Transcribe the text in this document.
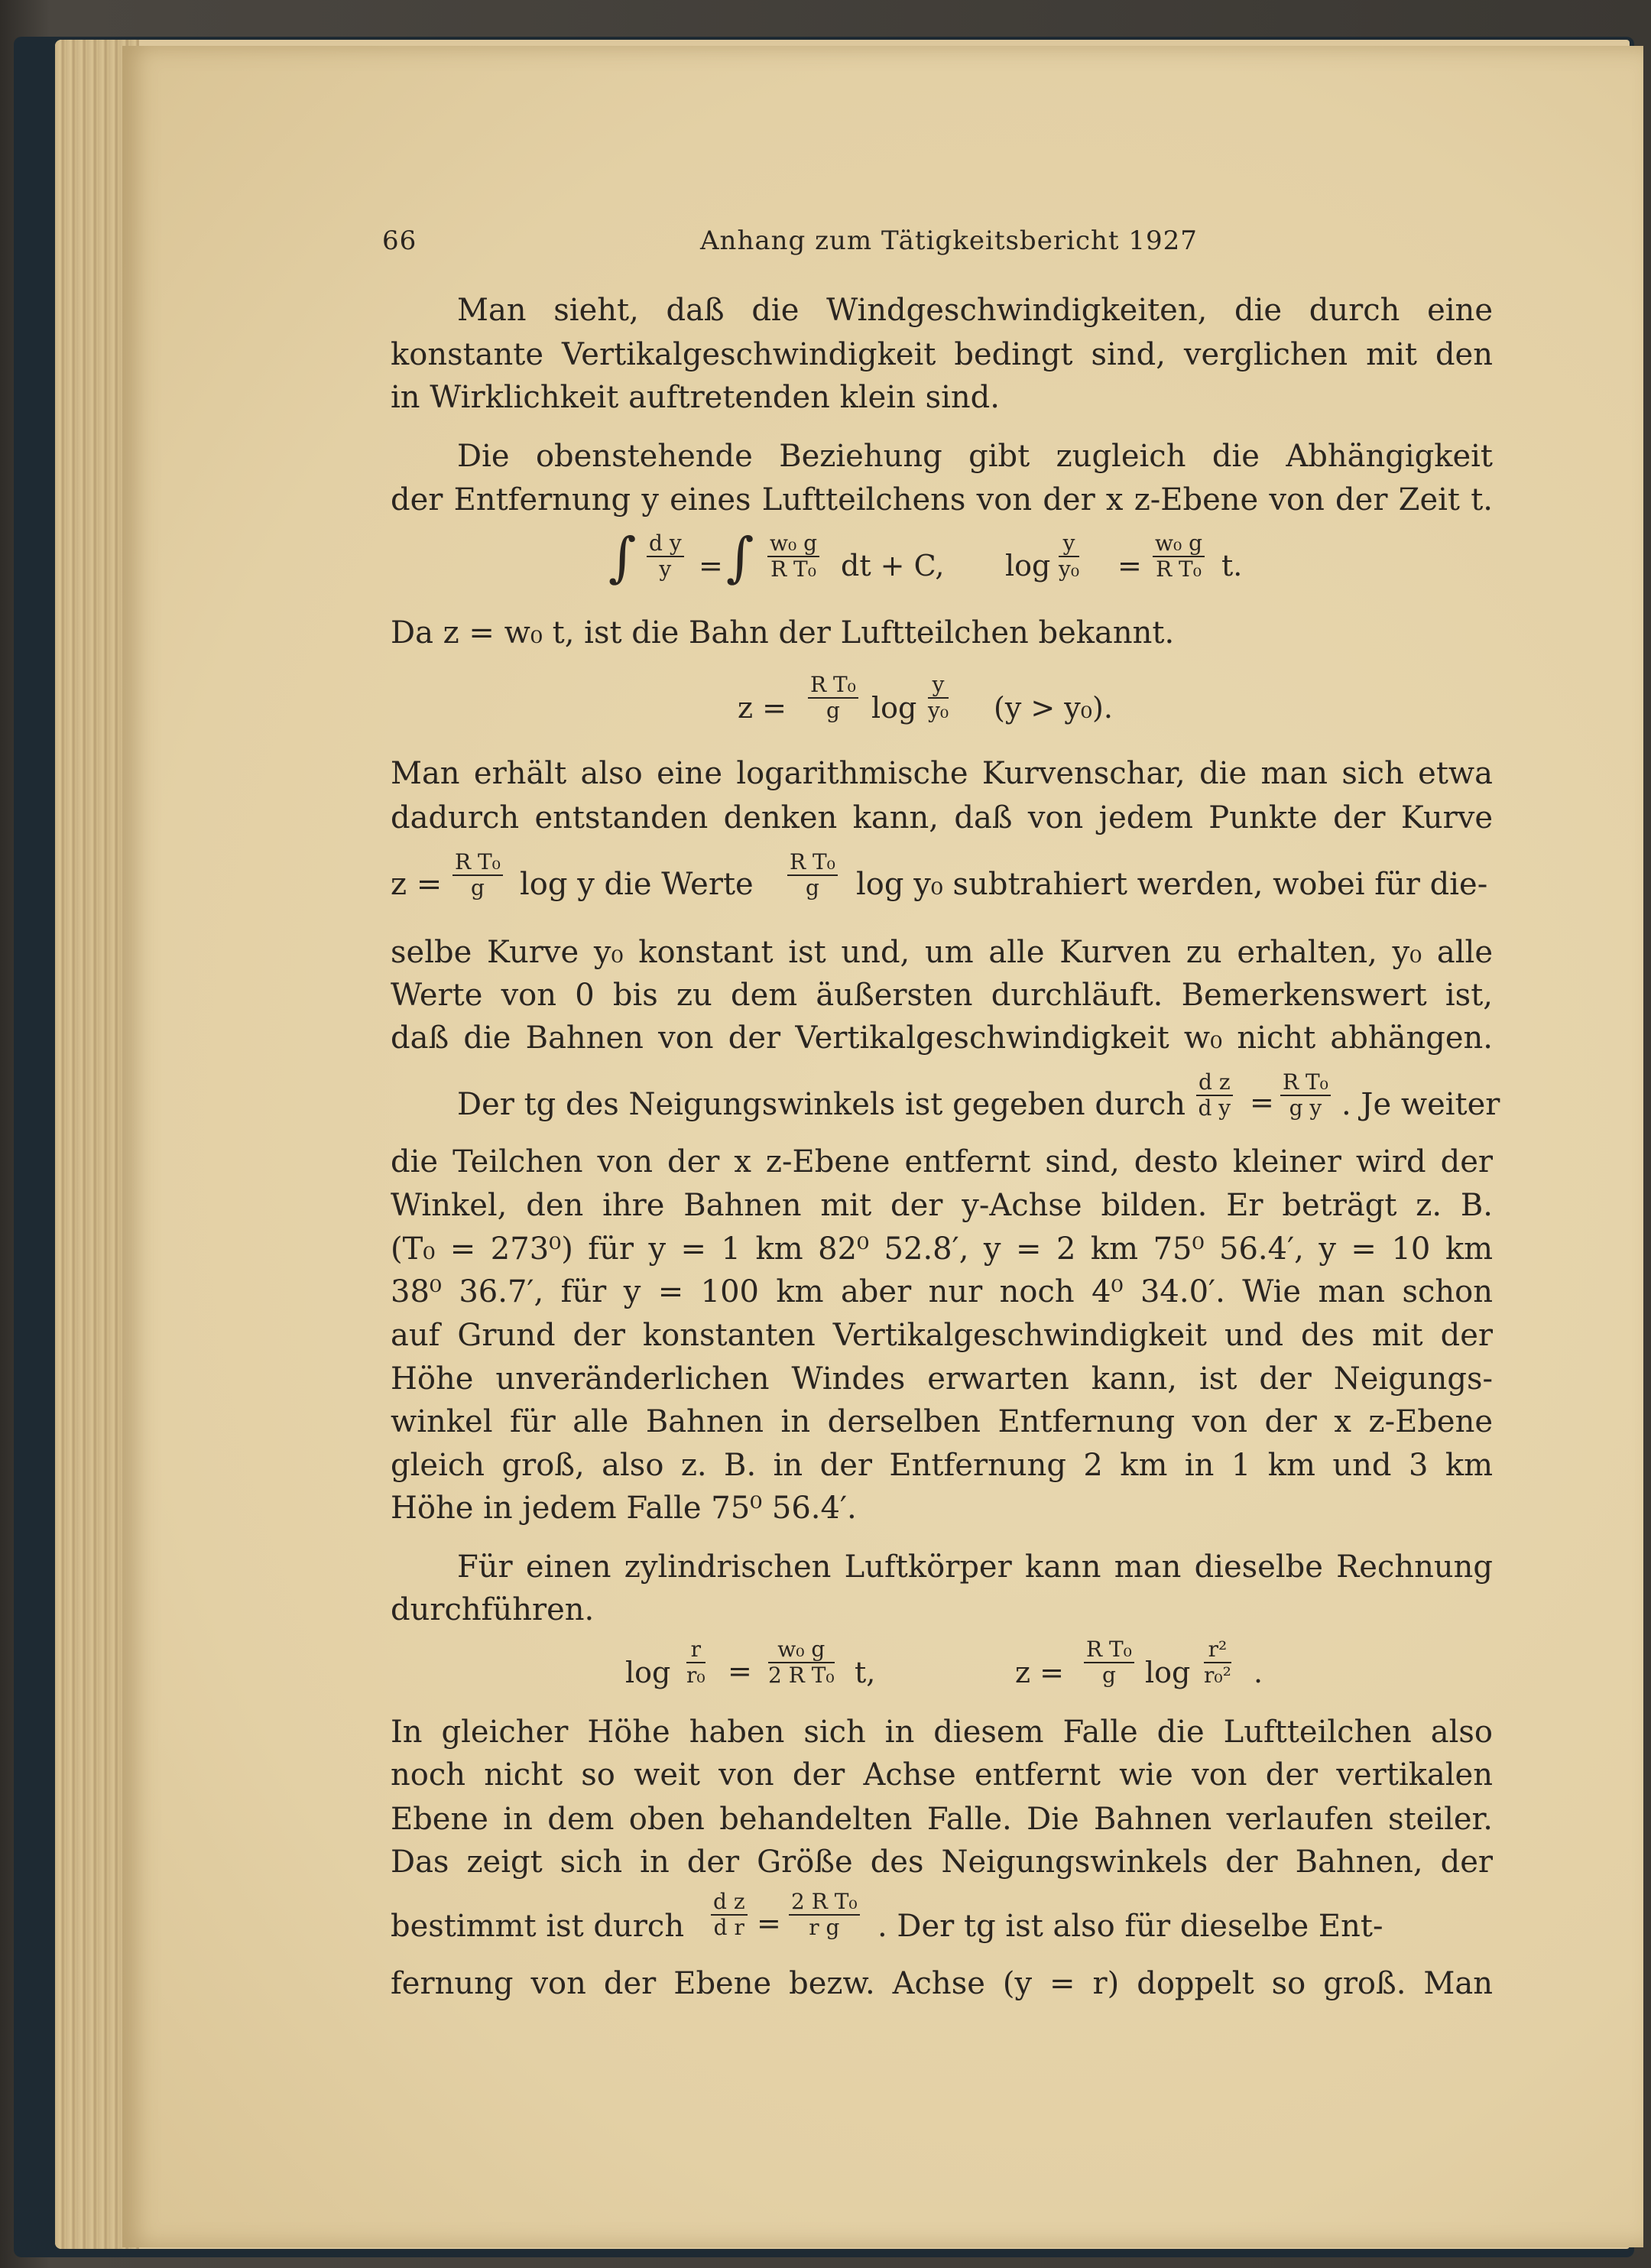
66	Anhang zum Tätigkeitsbericht 1927
Man sieht, daß die Windgeschwindigkeiten, die durch eine
konstante Vertikalgeschwindigkeit bedingt sind, verglichen mit den
in Wirklichkeit auftretenden klein sind.
Die obenstehende Beziehung gibt zugleich die Abhängigkeit
der Entfernung y eines Luftteilchens von der x z-Ebene von der Zeit t.
∫ $\frac{\text{d y}}{y}$ = ∫ $\frac{\text{w₀ g}}{\text{R T₀}}$ dt + C, $\log \frac{y}{\text{y₀}} = \frac{\text{w₀ g}}{\text{R T₀}} t$.
Da z = w₀ t, ist die Bahn der Luftteilchen bekannt.
$z = \frac{\text{R T₀}}{g}$ $\log \frac{y}{\text{y₀}} (y > y_0)$.
Man erhält also eine logarithmische Kurvenschar, die man sich etwa
dadurch entstanden denken kann, daß von jedem Punkte der Kurve
$z = \frac{\text{R T₀}}{g}$ log y die Werte $\frac{\text{R T₀}}{g}$ log y₀ subtrahiert werden, wobei für die-
selbe Kurve y₀ konstant ist und, um alle Kurven zu erhalten, y₀ alle
Werte von 0 bis zu dem äußersten durchläuft. Bemerkenswert ist,
daß die Bahnen von der Vertikalgeschwindigkeit w₀ nicht abhängen.
Der tg des Neigungswinkels ist gegeben durch $\frac{\text{d z}}{\text{d y}} = \frac{\text{R T₀}}{\text{g y}}$ . Je weiter
die Teilchen von der x z-Ebene entfernt sind, desto kleiner wird der
Winkel, den ihre Bahnen mit der y-Achse bilden. Er beträgt z. B.
(T₀ = 273⁰) für y = 1 km 82⁰ 52.8′, y = 2 km 75⁰ 56.4′, y = 10 km
38⁰ 36.7′, für y = 100 km aber nur noch 4⁰ 34.0′. Wie man schon
auf Grund der konstanten Vertikalgeschwindigkeit und des mit der
Höhe unveränderlichen Windes erwarten kann, ist der Neigungs-
winkel für alle Bahnen in derselben Entfernung von der x z-Ebene
gleich groß, also z. B. in der Entfernung 2 km in 1 km und 3 km
Höhe in jedem Falle 75⁰ 56.4′.
Für einen zylindrischen Luftkörper kann man dieselbe Rechnung
durchführen.
$\log \frac{r}{\text{r₀}} = \frac{\text{w₀ g}}{\text{2 R T₀}} t$,	$z = \frac{\text{R T₀}}{g}$ $\log \frac{\text{r²}}{\text{r₀²}}$ .
In gleicher Höhe haben sich in diesem Falle die Luftteilchen also
noch nicht so weit von der Achse entfernt wie von der vertikalen
Ebene in dem oben behandelten Falle. Die Bahnen verlaufen steiler.
Das zeigt sich in der Größe des Neigungswinkels der Bahnen, der
bestimmt ist durch $\frac{\text{d z}}{\text{d r}} = \frac{\text{2 R T₀}}{\text{r g}}$ . Der tg ist also für dieselbe Ent-
fernung von der Ebene bezw. Achse (y = r) doppelt so groß. Man
